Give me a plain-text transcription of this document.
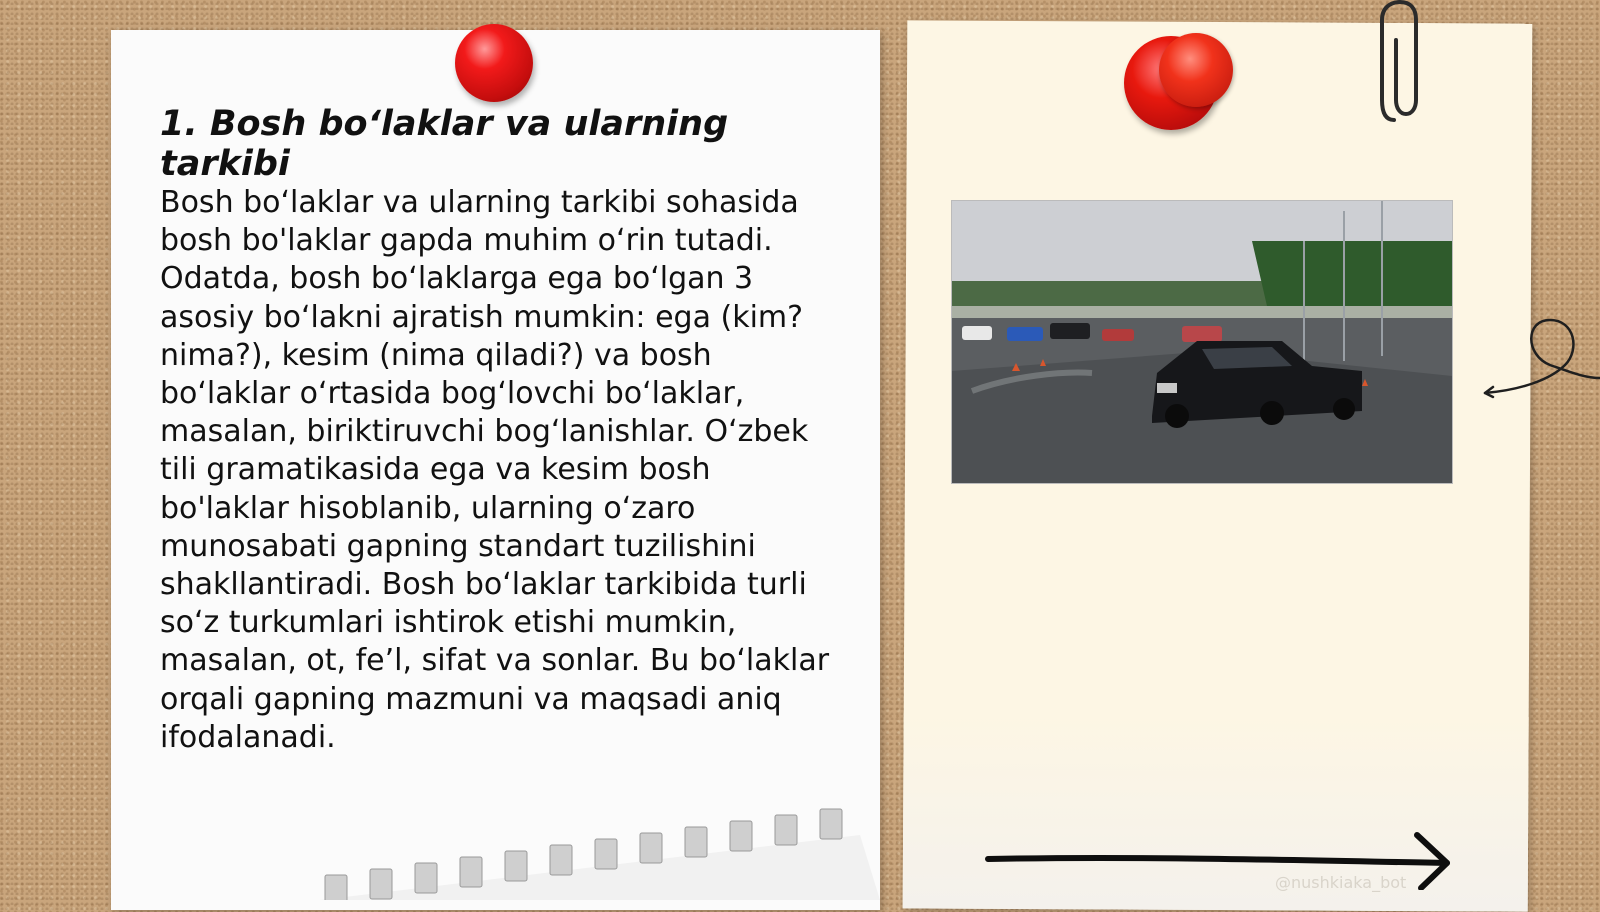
1. Bosh bo‘laklar va ularning tarkibi

Bosh bo‘laklar va ularning tarkibi sohasida bosh bo'laklar gapda muhim o‘rin tutadi. Odatda, bosh bo‘laklarga ega bo‘lgan 3 asosiy bo‘lakni ajratish mumkin: ega (kim? nima?), kesim (nima qiladi?) va bosh bo‘laklar o‘rtasida bog‘lovchi bo‘laklar, masalan, biriktiruvchi bog‘lanishlar. O‘zbek tili gramatikasida ega va kesim bosh bo'laklar hisoblanib, ularning o‘zaro munosabati gapning standart tuzilishini shakllantiradi. Bosh bo‘laklar tarkibida turli so‘z turkumlari ishtirok etishi mumkin, masalan, ot, fe’l, sifat va sonlar. Bu bo‘laklar orqali gapning mazmuni va maqsadi aniq ifodalanadi.

@nushkiaka_bot
